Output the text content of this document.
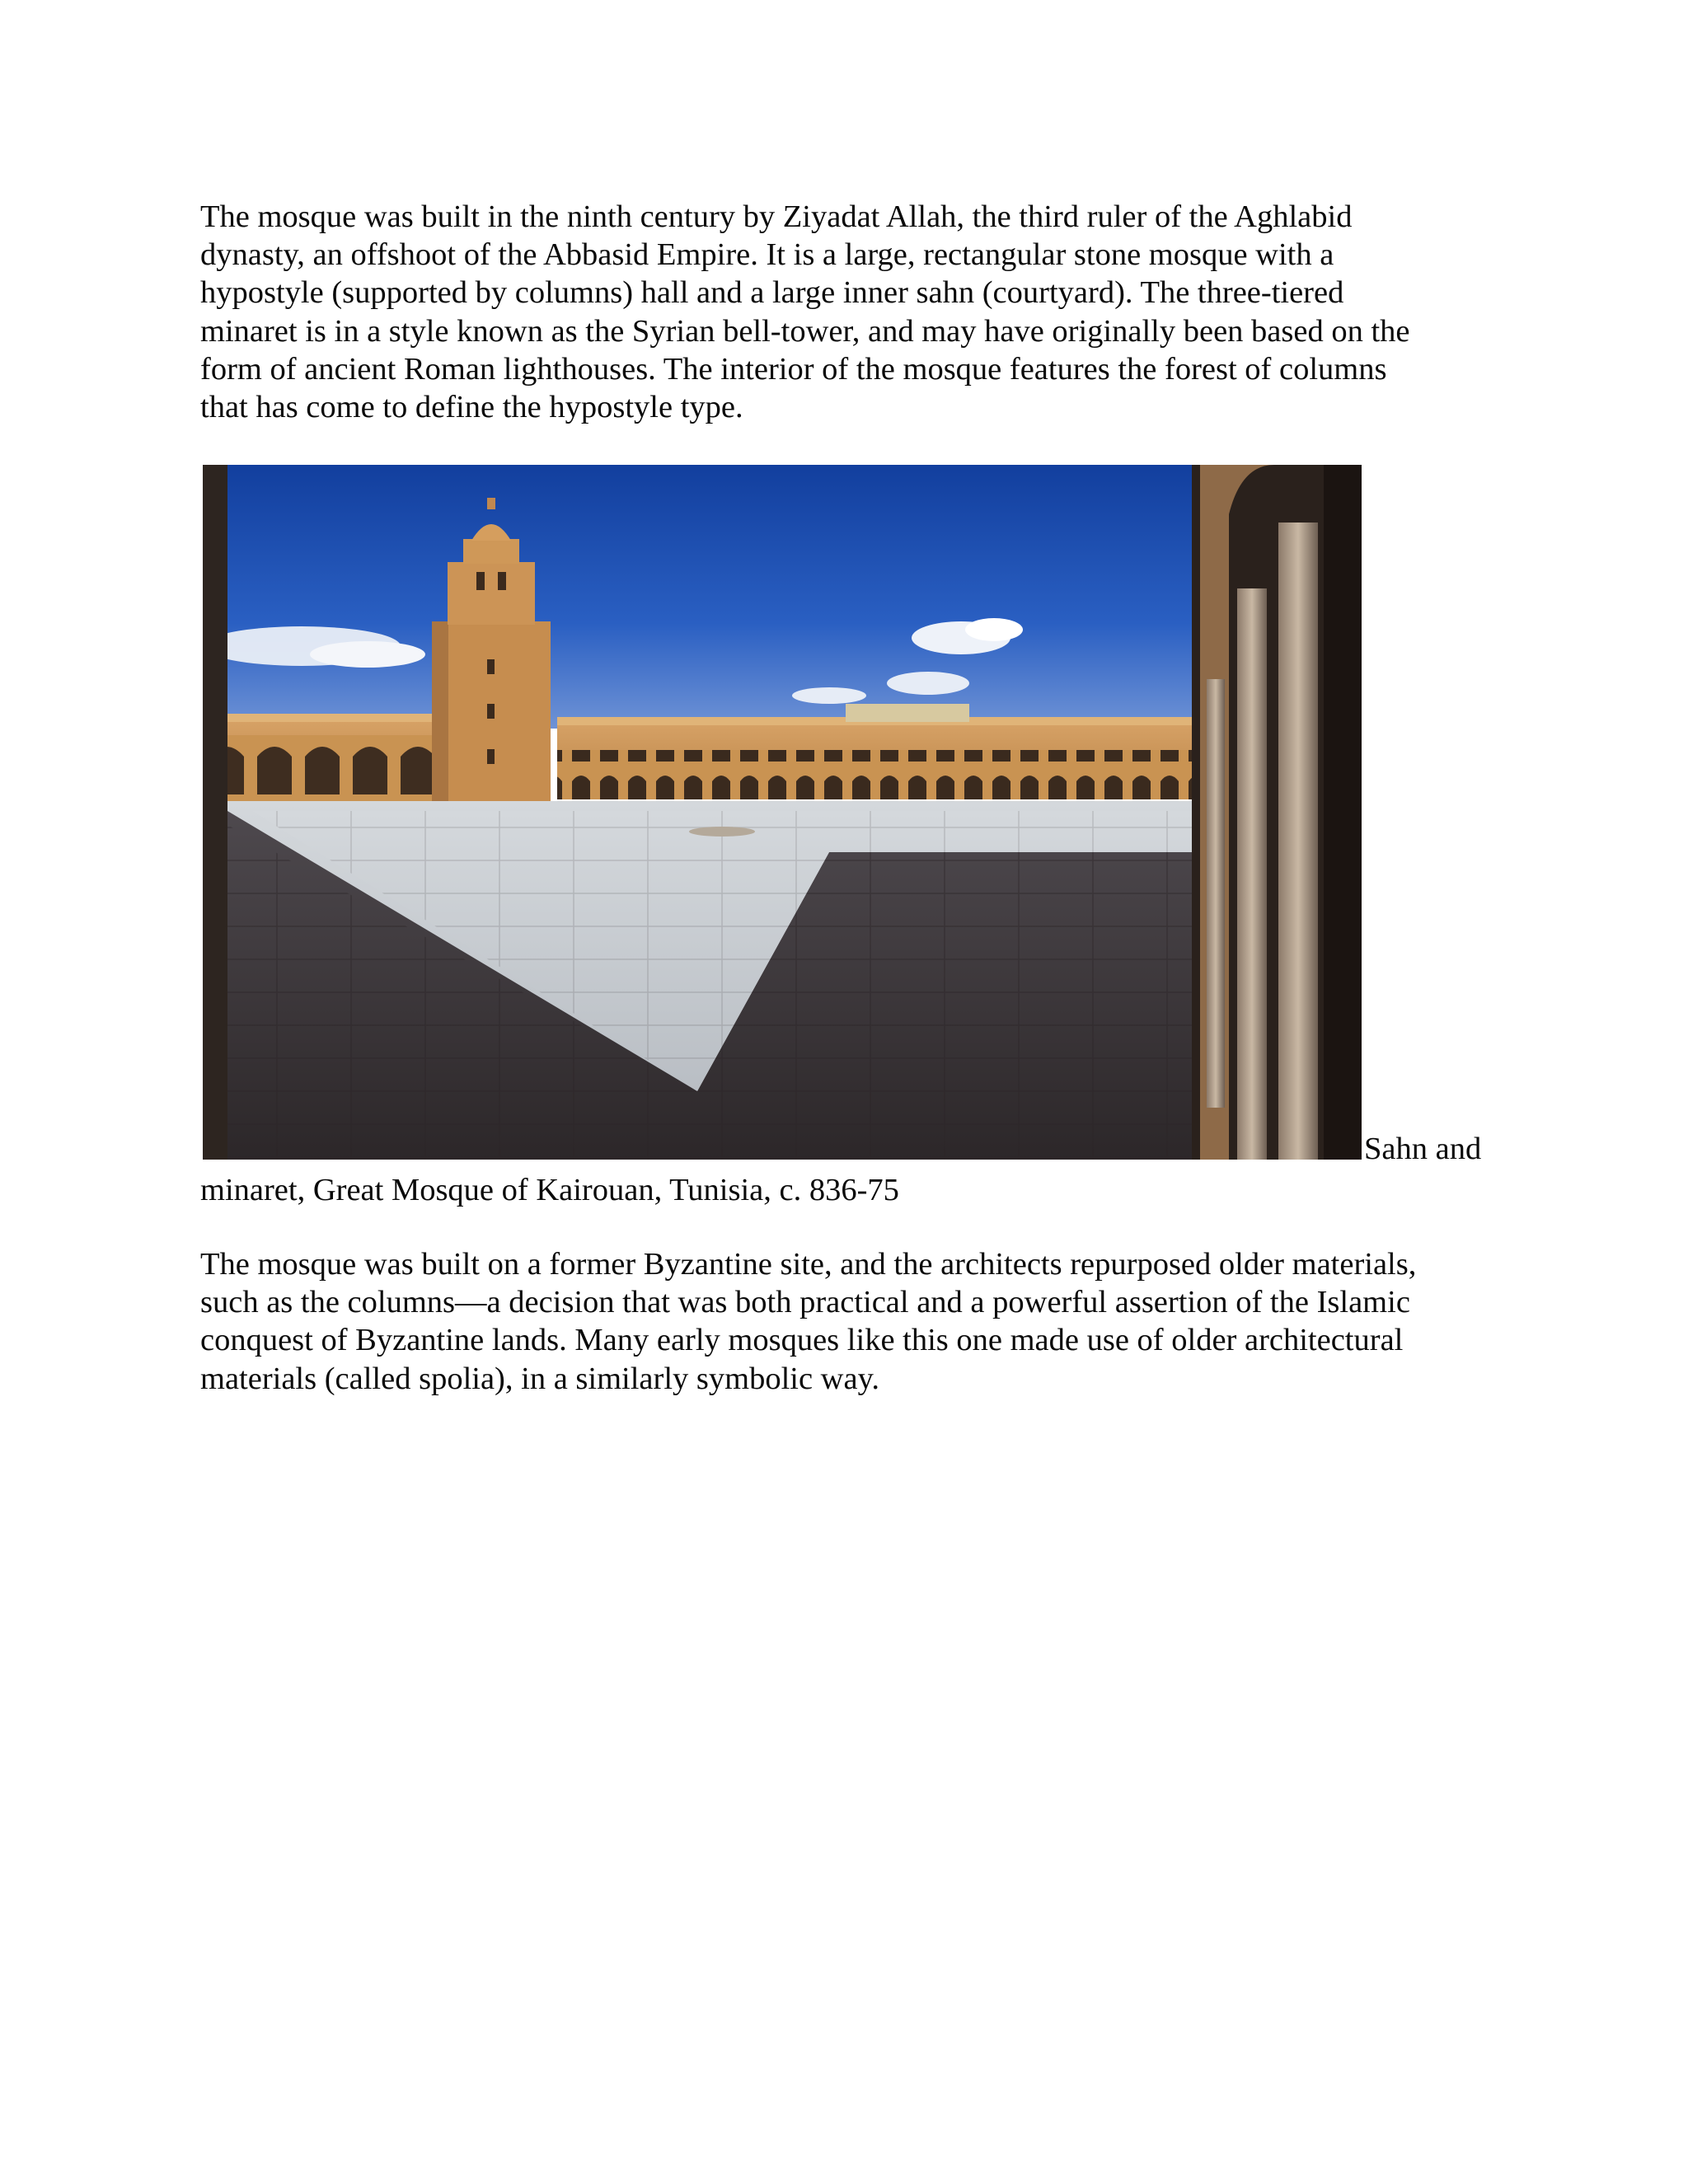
The mosque was built in the ninth century by Ziyadat Allah, the third ruler of the Aghlabid
dynasty, an offshoot of the Abbasid Empire. It is a large, rectangular stone mosque with a
hypostyle (supported by columns) hall and a large inner sahn (courtyard). The three-tiered
minaret is in a style known as the Syrian bell-tower, and may have originally been based on the
form of ancient Roman lighthouses. The interior of the mosque features the forest of columns
that has come to define the hypostyle type.

Sahn and
minaret, Great Mosque of Kairouan, Tunisia, c. 836-75

The mosque was built on a former Byzantine site, and the architects repurposed older materials,
such as the columns—a decision that was both practical and a powerful assertion of the Islamic
conquest of Byzantine lands. Many early mosques like this one made use of older architectural
materials (called spolia), in a similarly symbolic way.
